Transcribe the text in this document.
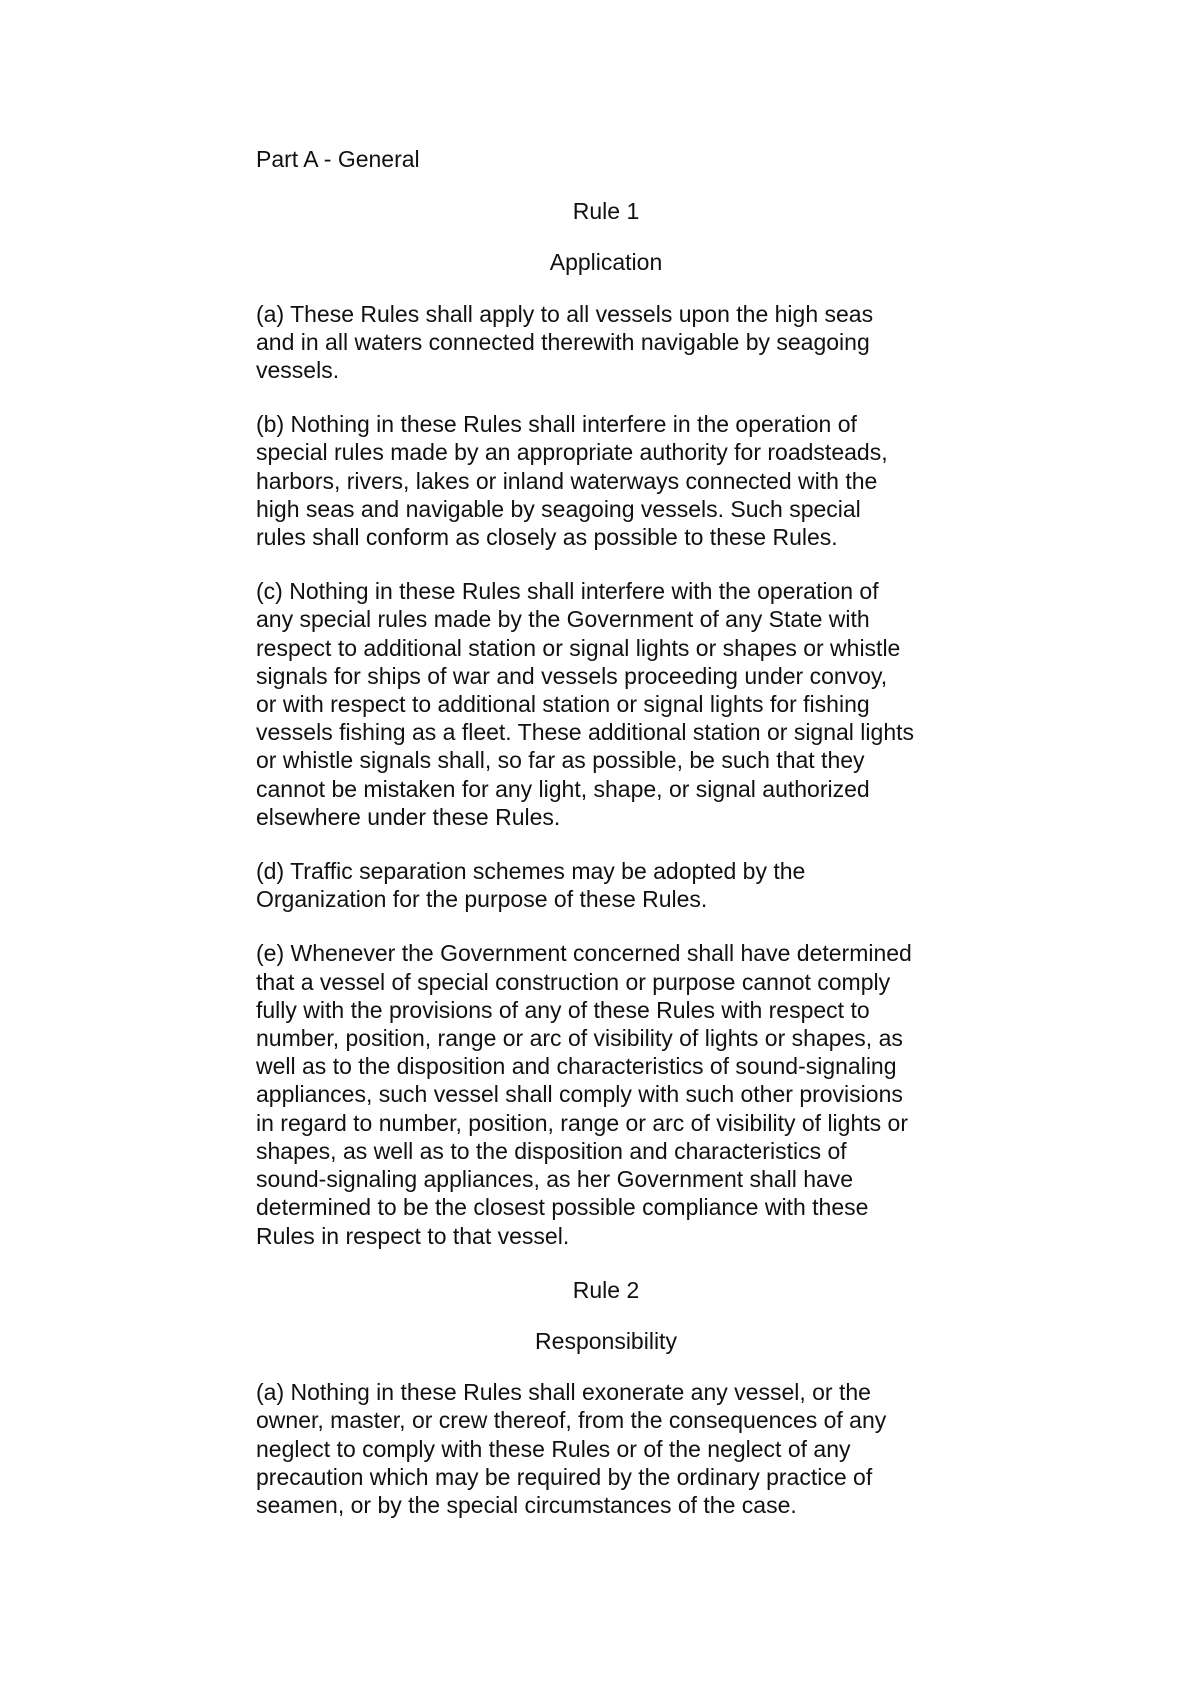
Part A - General
Rule 1
Application
(a) These Rules shall apply to all vessels upon the high seas
and in all waters connected therewith navigable by seagoing
vessels.
(b) Nothing in these Rules shall interfere in the operation of
special rules made by an appropriate authority for roadsteads,
harbors, rivers, lakes or inland waterways connected with the
high seas and navigable by seagoing vessels. Such special
rules shall conform as closely as possible to these Rules.
(c) Nothing in these Rules shall interfere with the operation of
any special rules made by the Government of any State with
respect to additional station or signal lights or shapes or whistle
signals for ships of war and vessels proceeding under convoy,
or with respect to additional station or signal lights for fishing
vessels fishing as a fleet. These additional station or signal lights
or whistle signals shall, so far as possible, be such that they
cannot be mistaken for any light, shape, or signal authorized
elsewhere under these Rules.
(d) Traffic separation schemes may be adopted by the
Organization for the purpose of these Rules.
(e) Whenever the Government concerned shall have determined
that a vessel of special construction or purpose cannot comply
fully with the provisions of any of these Rules with respect to
number, position, range or arc of visibility of lights or shapes, as
well as to the disposition and characteristics of sound-signaling
appliances, such vessel shall comply with such other provisions
in regard to number, position, range or arc of visibility of lights or
shapes, as well as to the disposition and characteristics of
sound-signaling appliances, as her Government shall have
determined to be the closest possible compliance with these
Rules in respect to that vessel.
Rule 2
Responsibility
(a) Nothing in these Rules shall exonerate any vessel, or the
owner, master, or crew thereof, from the consequences of any
neglect to comply with these Rules or of the neglect of any
precaution which may be required by the ordinary practice of
seamen, or by the special circumstances of the case.
